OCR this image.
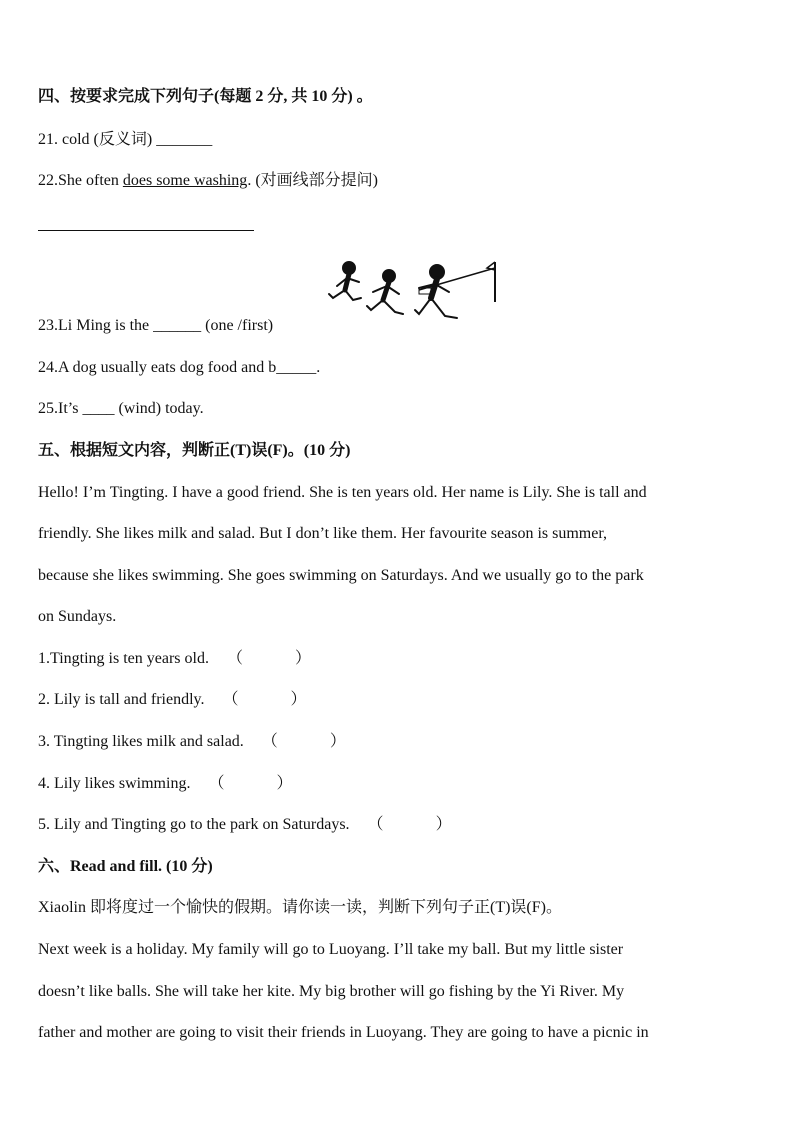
四、按要求完成下列句子(每题 2 分, 共 10 分) 。
21. cold (反义词) _______
22.She often does some washing. (对画线部分提问)
23.Li Ming is the ______ (one /first)
24.A dog usually eats dog food and b_____.
25.It’s ____ (wind) today.
五、根据短文内容，判断正(T)误(F)。(10 分)
Hello! I’m Tingting. I have a good friend. She is ten years old. Her name is Lily. She is tall and
friendly. She likes milk and salad. But I don’t like them. Her favourite season is summer,
because she likes swimming. She goes swimming on Saturdays. And we usually go to the park
on Sundays.
1.Tingting is ten years old. （	）
2. Lily is tall and friendly. （	）
3. Tingting likes milk and salad. （	）
4. Lily likes swimming. （	）
5. Lily and Tingting go to the park on Saturdays. （	）
六、Read and fill. (10 分)
Xiaolin 即将度过一个愉快的假期。请你读一读，判断下列句子正(T)误(F)。
Next week is a holiday. My family will go to Luoyang. I’ll take my ball. But my little sister
doesn’t like balls. She will take her kite. My big brother will go fishing by the Yi River. My
father and mother are going to visit their friends in Luoyang. They are going to have a picnic in
